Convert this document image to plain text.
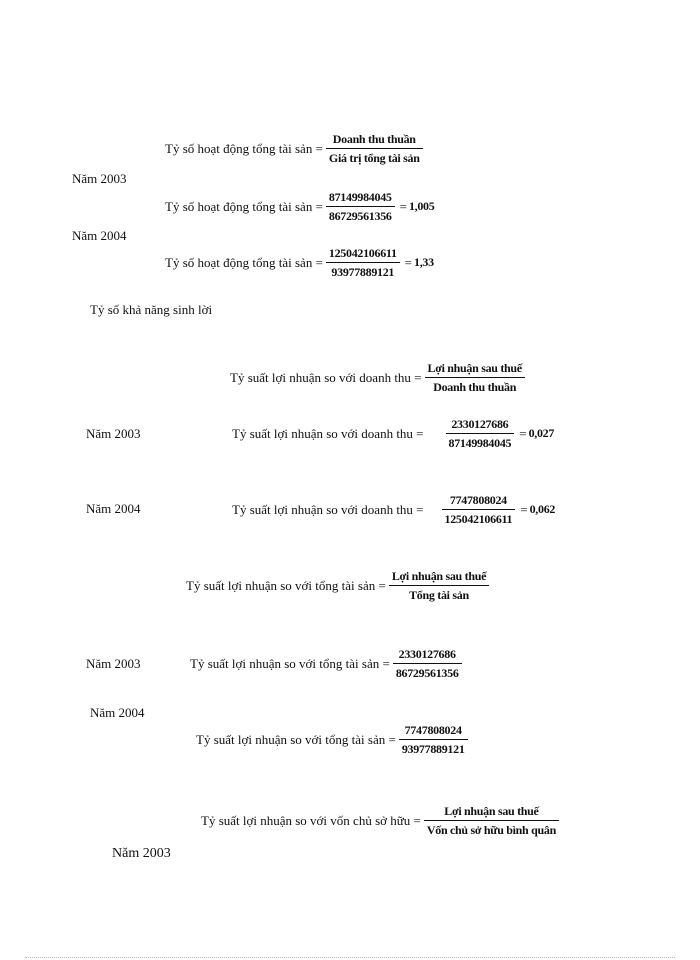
Tỷ số hoạt động tổng tài sản = $\frac{\text{Doanh thu thuần}}{\text{Giá trị tổng tài sản}}$
Năm 2003
Tỷ số hoạt động tổng tài sản = $\frac{87149984045}{86729561356} = 1,005$
Năm 2004
Tỷ số hoạt động tổng tài sản = $\frac{125042106611}{93977889121} = 1,33$
Tỷ số khả năng sinh lời
Tỷ suất lợi nhuận so với doanh thu = $\frac{\text{Lợi nhuận sau thuế}}{\text{Doanh thu thuần}}$
Năm 2003	Tỷ suất lợi nhuận so với doanh thu = $\frac{2330127686}{87149984045} = 0,027$
Năm 2004	Tỷ suất lợi nhuận so với doanh thu = $\frac{7747808024}{125042106611} = 0,062$
Tỷ suất lợi nhuận so với tổng tài sản = $\frac{\text{Lợi nhuận sau thuế}}{\text{Tổng tài sản}}$
Năm 2003	Tỷ suất lợi nhuận so với tổng tài sản = $\frac{2330127686}{86729561356}$
Năm 2004
Tỷ suất lợi nhuận so với tổng tài sản = $\frac{7747808024}{93977889121}$
Tỷ suất lợi nhuận so với vốn chủ sở hữu = $\frac{\text{Lợi nhuận sau thuế}}{\text{Vốn chủ sở hữu bình quân}}$
Năm 2003
